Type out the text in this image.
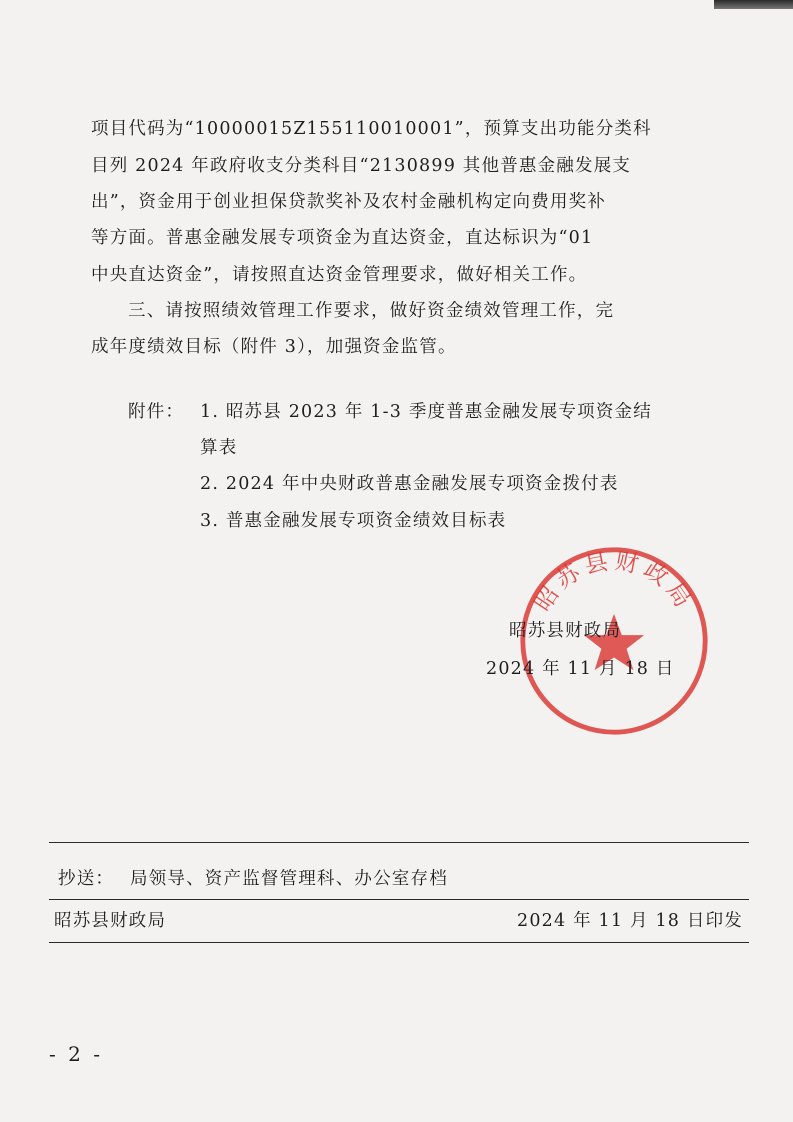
项目代码为“10000015Z155110010001”，预算支出功能分类科

目列 2024 年政府收支分类科目“2130899 其他普惠金融发展支

出”，资金用于创业担保贷款奖补及农村金融机构定向费用奖补

等方面。普惠金融发展专项资金为直达资金，直达标识为“01

中央直达资金”，请按照直达资金管理要求，做好相关工作。

三、请按照绩效管理工作要求，做好资金绩效管理工作，完

成年度绩效目标（附件 3），加强资金监管。

附件： 1. 昭苏县 2023 年 1-3 季度普惠金融发展专项资金结

算表

2. 2024 年中央财政普惠金融发展专项资金拨付表

3. 普惠金融发展专项资金绩效目标表

昭苏县财政局

昭苏县财政局

2024 年 11 月 18 日

抄送： 局领导、资产监督管理科、办公室存档

昭苏县财政局	2024 年 11 月 18 日印发

- 2 -
